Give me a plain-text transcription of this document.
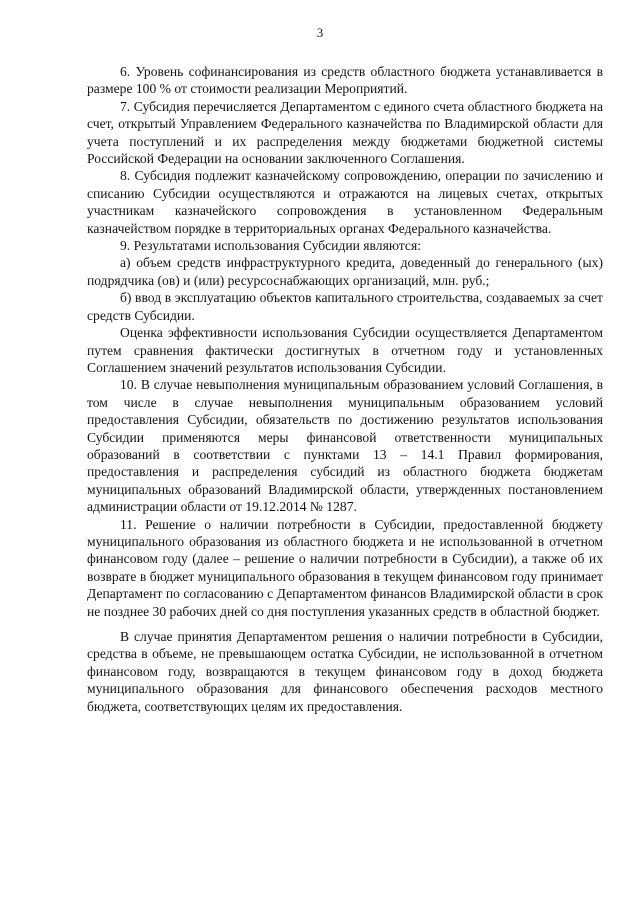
3

6. Уровень софинансирования из средств областного бюджета устанавливается в размере 100 % от стоимости реализации Мероприятий.

7. Субсидия перечисляется Департаментом с единого счета областного бюджета на счет, открытый Управлением Федерального казначейства по Владимирской области для учета поступлений и их распределения между бюджетами бюджетной системы Российской Федерации на основании заключенного Соглашения.

8. Субсидия подлежит казначейскому сопровождению, операции по зачислению и списанию Субсидии осуществляются и отражаются на лицевых счетах, открытых участникам казначейского сопровождения в установленном Федеральным казначейством порядке в территориальных органах Федерального казначейства.

9. Результатами использования Субсидии являются:

а) объем средств инфраструктурного кредита, доведенный до генерального (ых) подрядчика (ов) и (или) ресурсоснабжающих организаций, млн. руб.;

б) ввод в эксплуатацию объектов капитального строительства, создаваемых за счет средств Субсидии.

Оценка эффективности использования Субсидии осуществляется Департаментом путем сравнения фактически достигнутых в отчетном году и установленных Соглашением значений результатов использования Субсидии.

10. В случае невыполнения муниципальным образованием условий Соглашения, в том числе в случае невыполнения муниципальным образованием условий предоставления Субсидии, обязательств по достижению результатов использования Субсидии применяются меры финансовой ответственности муниципальных образований в соответствии с пунктами 13 – 14.1 Правил формирования, предоставления и распределения субсидий из областного бюджета бюджетам муниципальных образований Владимирской области, утвержденных постановлением администрации области от 19.12.2014 № 1287.

11. Решение о наличии потребности в Субсидии, предоставленной бюджету муниципального образования из областного бюджета и не использованной в отчетном финансовом году (далее – решение о наличии потребности в Субсидии), а также об их возврате в бюджет муниципального образования в текущем финансовом году принимает Департамент по согласованию с Департаментом финансов Владимирской области в срок не позднее 30 рабочих дней со дня поступления указанных средств в областной бюджет.

В случае принятия Департаментом решения о наличии потребности в Субсидии, средства в объеме, не превышающем остатка Субсидии, не использованной в отчетном финансовом году, возвращаются в текущем финансовом году в доход бюджета муниципального образования для финансового обеспечения расходов местного бюджета, соответствующих целям их предоставления.
